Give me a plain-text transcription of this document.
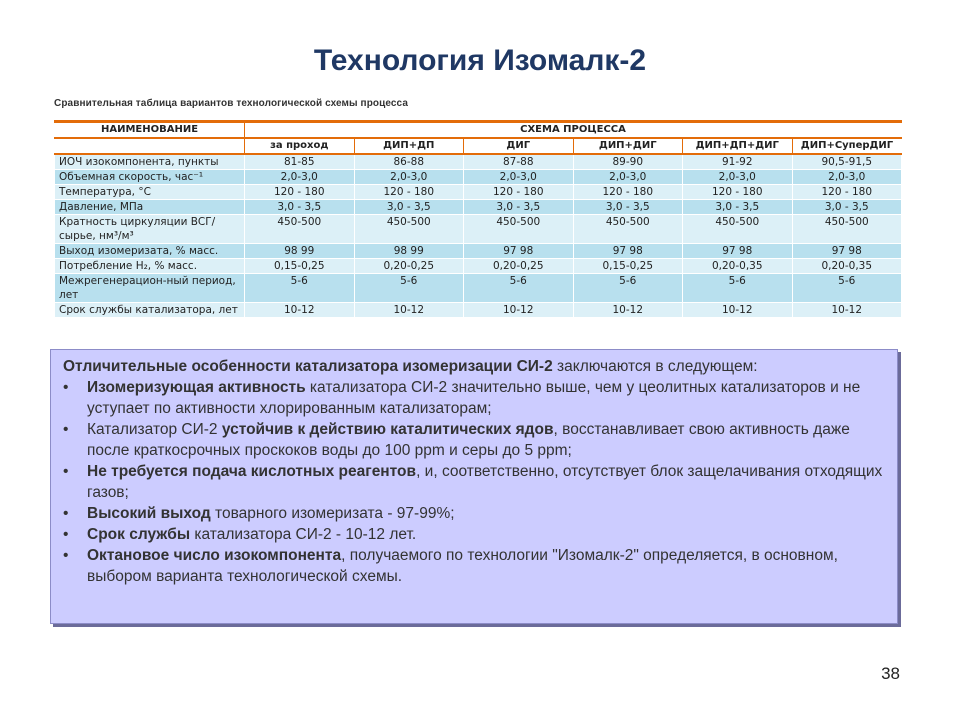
Технология Изомалк-2
Сравнительная таблица вариантов технологической схемы процесса
НАИМЕНОВАНИЕ	СХЕМА ПРОЦЕССА					
	за проход	ДИП+ДП	ДИГ	ДИП+ДИГ	ДИП+ДП+ДИГ	ДИП+СуперДИГ
ИОЧ изокомпонента, пункты	81-85	86-88	87-88	89-90	91-92	90,5-91,5
Объемная скорость, час⁻¹	2,0-3,0	2,0-3,0	2,0-3,0	2,0-3,0	2,0-3,0	2,0-3,0
Температура, °С	120 - 180	120 - 180	120 - 180	120 - 180	120 - 180	120 - 180
Давление, МПа	3,0 - 3,5	3,0 - 3,5	3,0 - 3,5	3,0 - 3,5	3,0 - 3,5	3,0 - 3,5
Кратность циркуляции ВСГ/сырье, нм³/м³	450-500	450-500	450-500	450-500	450-500	450-500
Выход изомеризата, % масс.	98 99	98 99	97 98	97 98	97 98	97 98
Потребление Н₂, % масс.	0,15-0,25	0,20-0,25	0,20-0,25	0,15-0,25	0,20-0,35	0,20-0,35
Межрегенерацион-ный период, лет	5-6	5-6	5-6	5-6	5-6	5-6
Срок службы катализатора, лет	10-12	10-12	10-12	10-12	10-12	10-12

Отличительные особенности катализатора изомеризации СИ-2 заключаются в следующем:

•	Изомеризующая активность катализатора СИ-2 значительно выше, чем у цеолитных катализаторов и не уступает по активности хлорированным катализаторам;
•	Катализатор СИ-2 устойчив к действию каталитических ядов, восстанавливает свою активность даже после краткосрочных проскоков воды до 100 ppm и серы до 5 ppm;
•	Не требуется подача кислотных реагентов, и, соответственно, отсутствует блок защелачивания отходящих газов;
•	Высокий выход товарного изомеризата - 97-99%;
•	Срок службы катализатора СИ-2 - 10-12 лет.
•	Октановое число изокомпонента, получаемого по технологии "Изомалк-2" определяется, в основном, выбором варианта технологической схемы.
38
